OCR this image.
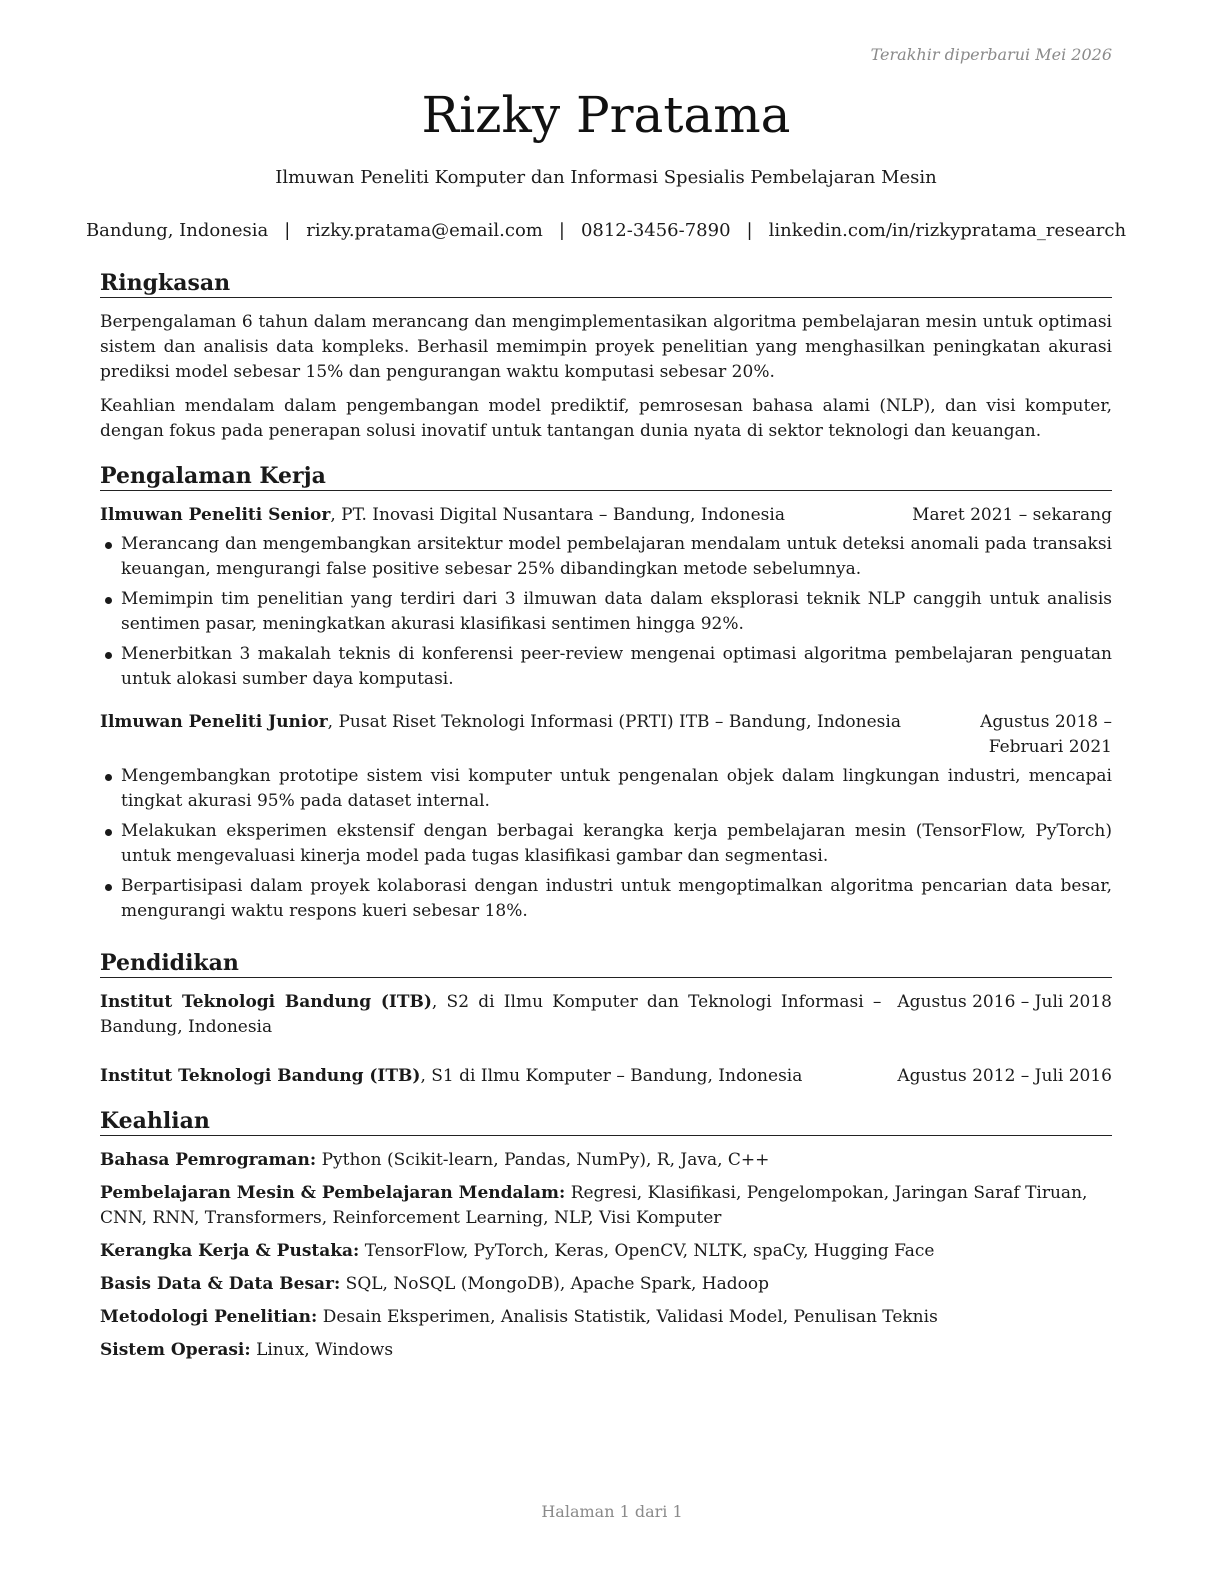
Terakhir diperbarui Mei 2026
Rizky Pratama
Ilmuwan Peneliti Komputer dan Informasi Spesialis Pembelajaran Mesin
Bandung, Indonesia | rizky.pratama@email.com | 0812-3456-7890 | linkedin.com/in/rizkypratama_research
Ringkasan

Berpengalaman 6 tahun dalam merancang dan mengimplementasikan algoritma pembelajaran mesin untuk optimasi sistem dan analisis data kompleks. Berhasil memimpin proyek penelitian yang menghasilkan peningkatan akurasi prediksi model sebesar 15% dan pengurangan waktu komputasi sebesar 20%.

Keahlian mendalam dalam pengembangan model prediktif, pemrosesan bahasa alami (NLP), dan visi komputer, dengan fokus pada penerapan solusi inovatif untuk tantangan dunia nyata di sektor teknologi dan keuangan.

Pengalaman Kerja
Ilmuwan Peneliti Senior, PT. Inovasi Digital Nusantara – Bandung, Indonesia	Maret 2021 – sekarang
Merancang dan mengembangkan arsitektur model pembelajaran mendalam untuk deteksi anomali pada transaksi keuangan, mengurangi false positive sebesar 25% dibandingkan metode sebelumnya.
Memimpin tim penelitian yang terdiri dari 3 ilmuwan data dalam eksplorasi teknik NLP canggih untuk analisis sentimen pasar, meningkatkan akurasi klasifikasi sentimen hingga 92%.
Menerbitkan 3 makalah teknis di konferensi peer-review mengenai optimasi algoritma pembelajaran penguatan untuk alokasi sumber daya komputasi.
Ilmuwan Peneliti Junior, Pusat Riset Teknologi Informasi (PRTI) ITB – Bandung, Indonesia	Agustus 2018 – Februari 2021
Mengembangkan prototipe sistem visi komputer untuk pengenalan objek dalam lingkungan industri, mencapai tingkat akurasi 95% pada dataset internal.
Melakukan eksperimen ekstensif dengan berbagai kerangka kerja pembelajaran mesin (TensorFlow, PyTorch) untuk mengevaluasi kinerja model pada tugas klasifikasi gambar dan segmentasi.
Berpartisipasi dalam proyek kolaborasi dengan industri untuk mengoptimalkan algoritma pencarian data besar, mengurangi waktu respons kueri sebesar 18%.
Pendidikan
Institut Teknologi Bandung (ITB), S2 di Ilmu Komputer dan Teknologi Informasi – Bandung, Indonesia
Agustus 2016 – Juli 2018
Institut Teknologi Bandung (ITB), S1 di Ilmu Komputer – Bandung, Indonesia	Agustus 2012 – Juli 2016
Keahlian
Bahasa Pemrograman: Python (Scikit-learn, Pandas, NumPy), R, Java, C++
Pembelajaran Mesin & Pembelajaran Mendalam: Regresi, Klasifikasi, Pengelompokan, Jaringan Saraf Tiruan, CNN, RNN, Transformers, Reinforcement Learning, NLP, Visi Komputer
Kerangka Kerja & Pustaka: TensorFlow, PyTorch, Keras, OpenCV, NLTK, spaCy, Hugging Face
Basis Data & Data Besar: SQL, NoSQL (MongoDB), Apache Spark, Hadoop
Metodologi Penelitian: Desain Eksperimen, Analisis Statistik, Validasi Model, Penulisan Teknis
Sistem Operasi: Linux, Windows
Halaman 1 dari 1
